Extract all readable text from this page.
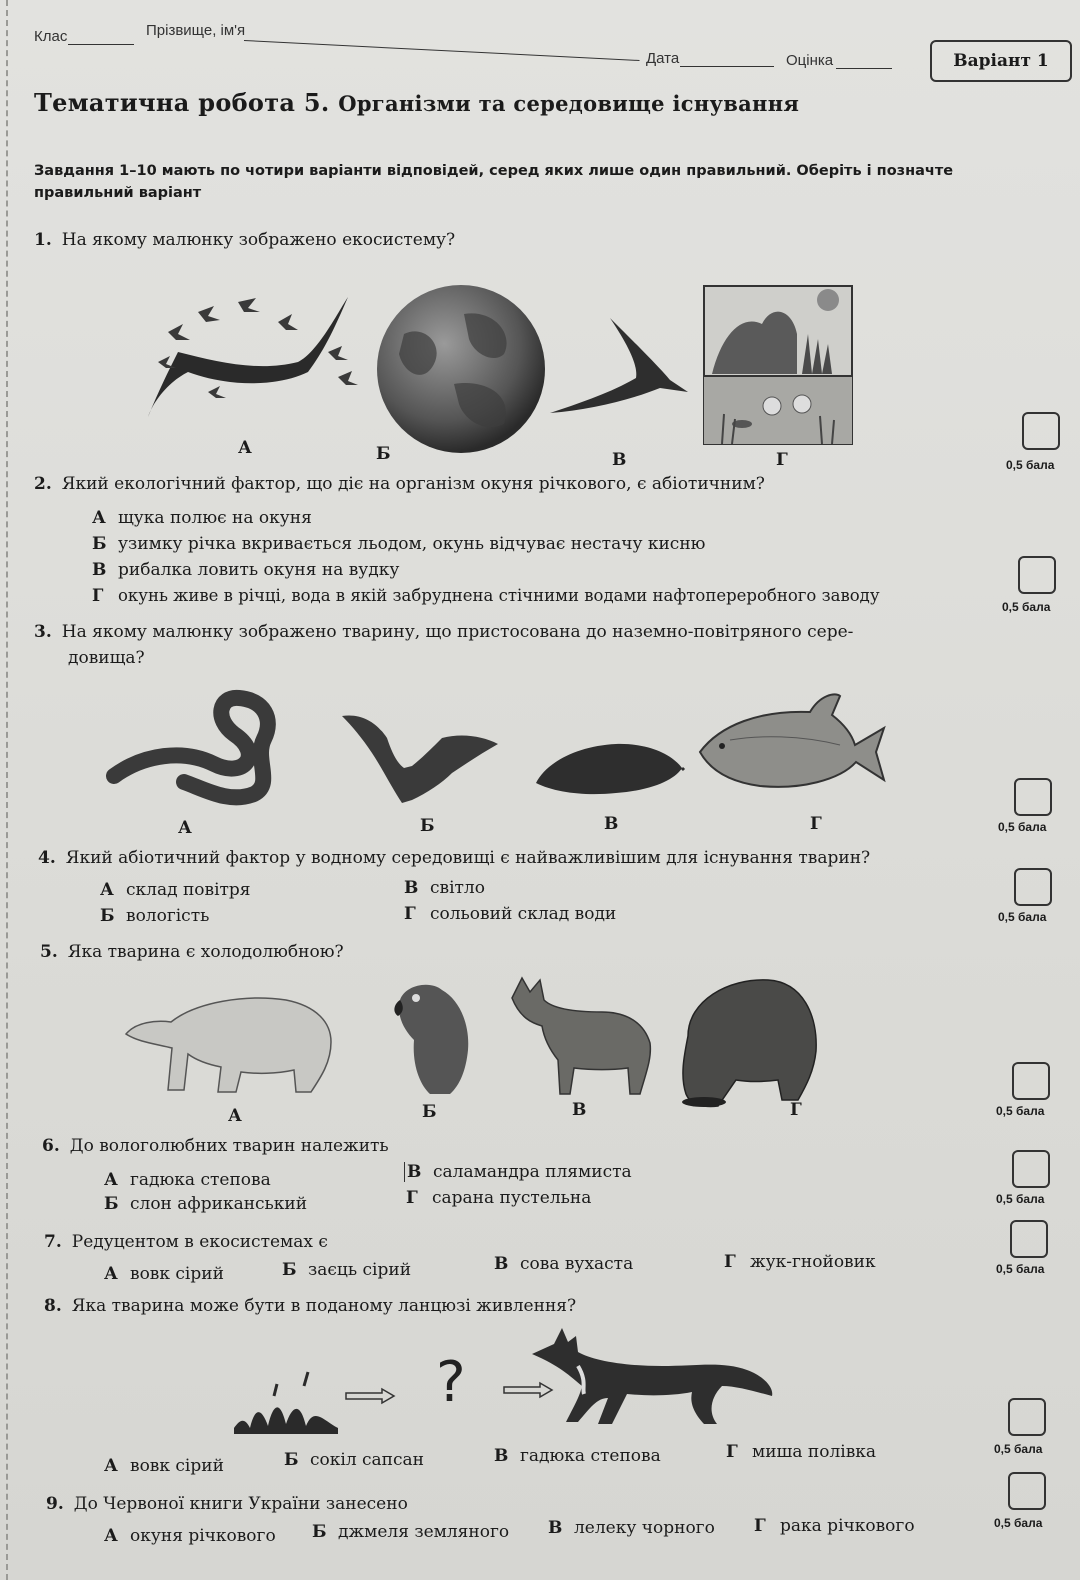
Клас	Прізвище, ім'я
Дата	Оцінка	Варіант 1
Тематична робота 5. Організми та середовище існування
Завдання 1–10 мають по чотири варіанти відповідей, серед яких лише один правильний. Оберіть і позначте правильний варіант
1. На якому малюнку зображено екосистему?
А	Б	В	Г	0,5 бала
2. Який екологічний фактор, що діє на організм окуня річкового, є абіотичним?
А щука полює на окуня
Б узимку річка вкривається льодом, окунь відчуває нестачу кисню
В рибалка ловить окуня на вудку
Г окунь живе в річці, вода в якій забруднена стічними водами нафтопереробного заводу
0,5 бала
3. На якому малюнку зображено тварину, що пристосована до наземно-повітряного сере-
довища?
А	Б	В	Г	0,5 бала
4. Який абіотичний фактор у водному середовищі є найважливішим для існування тварин?
А склад повітря
Б вологість
В світло
Г сольовий склад води	0,5 бала
5. Яка тварина є холодолюбною?
А	Б	В	Г	0,5 бала
6. До вологолюбних тварин належить
А гадюка степова
Б слон африканський
В саламандра плямиста
Г сарана пустельна	0,5 бала
7. Редуцентом в екосистемах є
А вовк сірий	Б заєць сірий	В сова вухаста	Г жук-гнойовик	0,5 бала
8. Яка тварина може бути в поданому ланцюзі живлення?
?
А вовк сірий	Б сокіл сапсан	В гадюка степова	Г миша полівка	0,5 бала
9. До Червоної книги України занесено
А окуня річкового Б джмеля земляного В лелеку чорного Г рака річкового	0,5 бала
